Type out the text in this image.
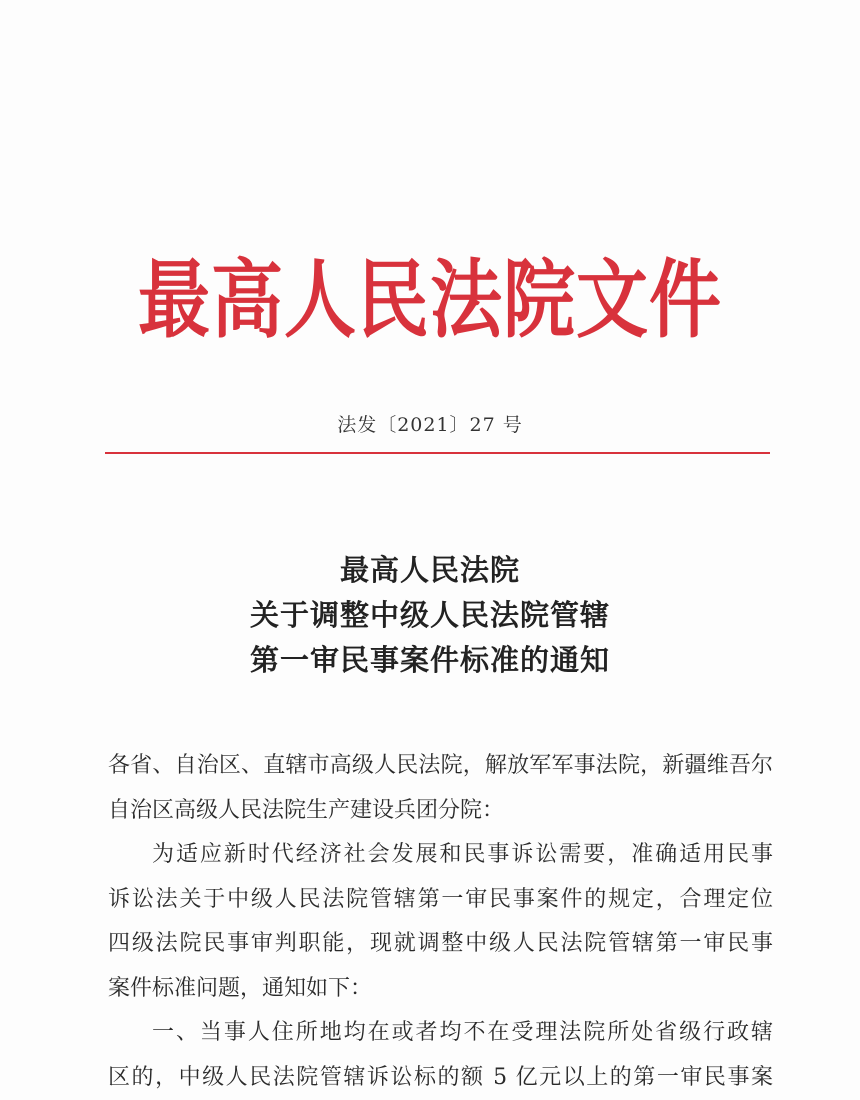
最高人民法院文件
法发〔2021〕27 号
最高人民法院
关于调整中级人民法院管辖
第一审民事案件标准的通知
各省、自治区、直辖市高级人民法院，解放军军事法院，新疆维吾尔
自治区高级人民法院生产建设兵团分院：
为适应新时代经济社会发展和民事诉讼需要，准确适用民事
诉讼法关于中级人民法院管辖第一审民事案件的规定，合理定位
四级法院民事审判职能，现就调整中级人民法院管辖第一审民事
案件标准问题，通知如下：
一、当事人住所地均在或者均不在受理法院所处省级行政辖
区的，中级人民法院管辖诉讼标的额 5 亿元以上的第一审民事案
